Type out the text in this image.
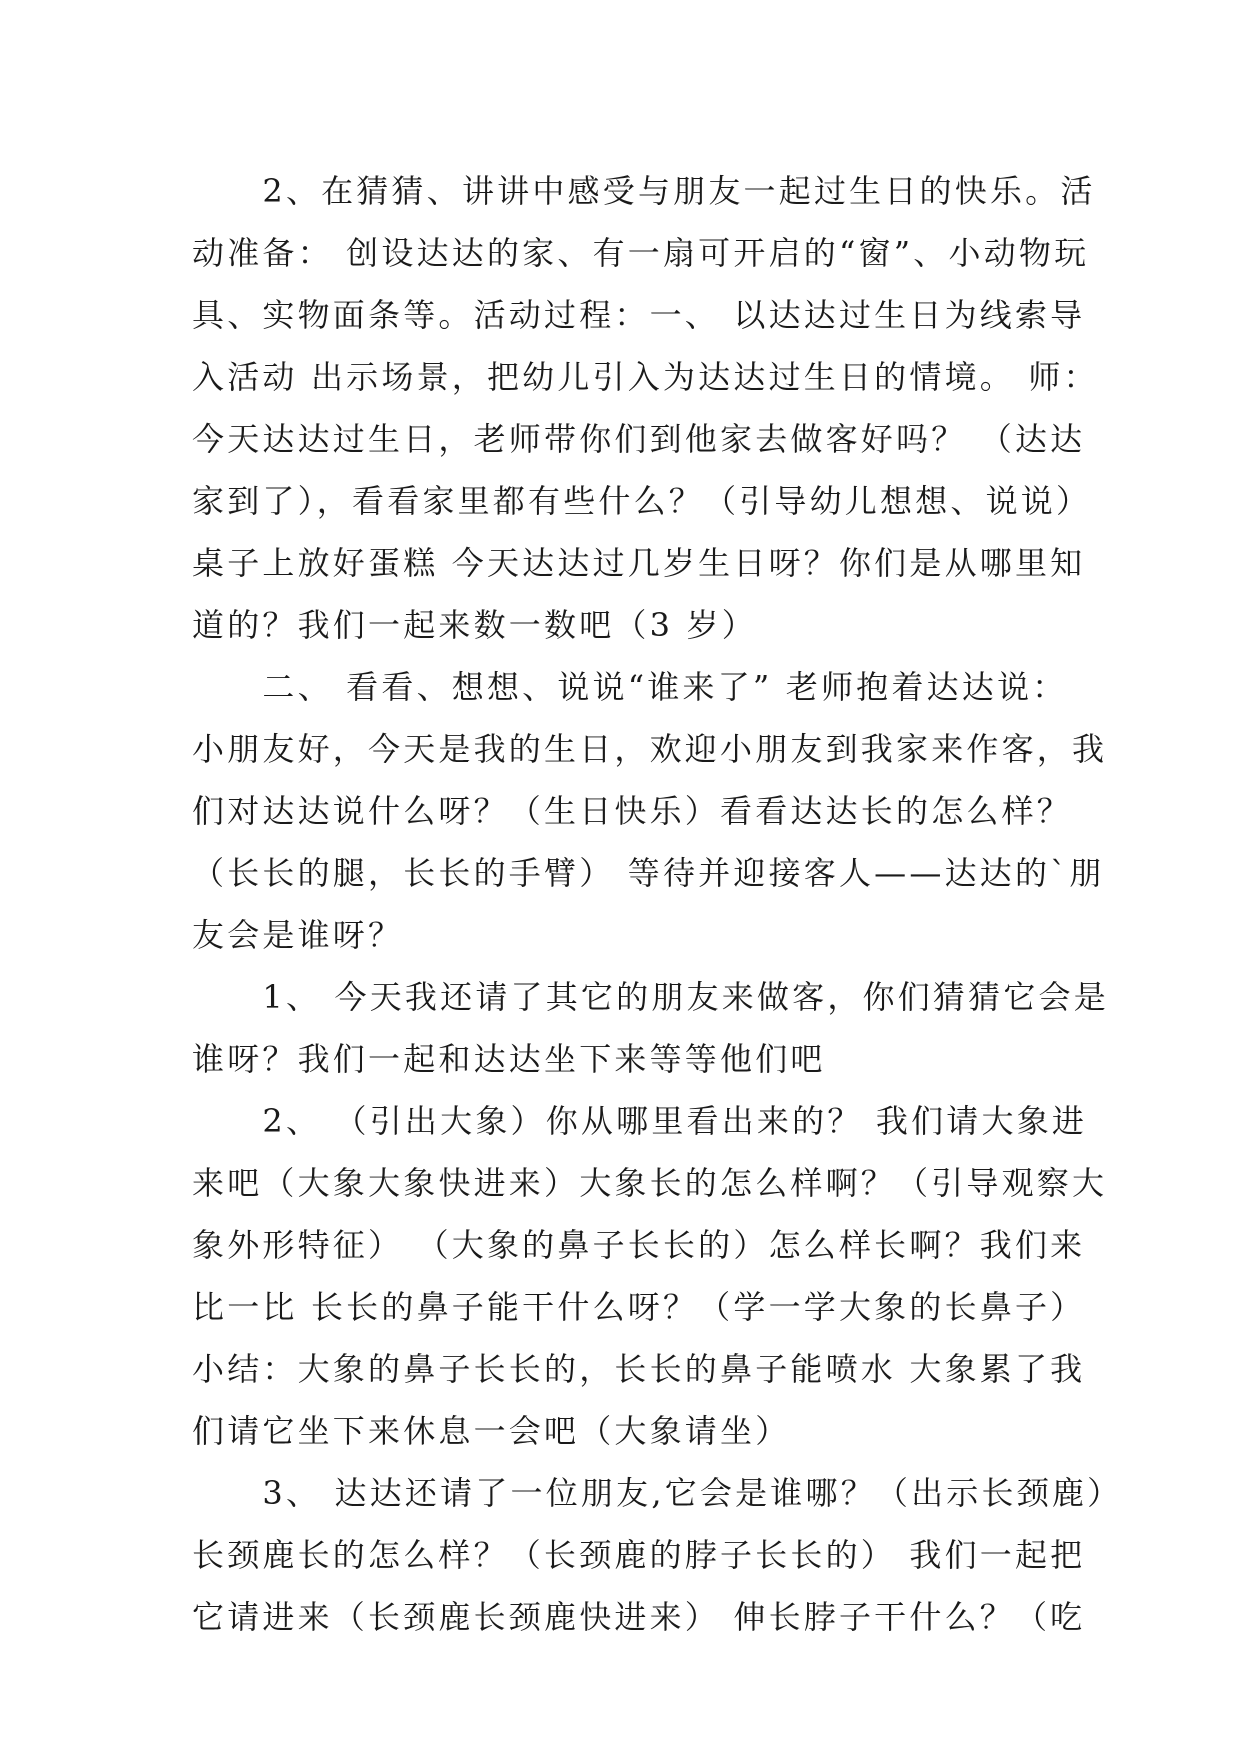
　　2、在猜猜、讲讲中感受与朋友一起过生日的快乐。活
动准备： 创设达达的家、有一扇可开启的“窗”、小动物玩
具、实物面条等。活动过程：一、 以达达过生日为线索导
入活动 出示场景，把幼儿引入为达达过生日的情境。 师：
今天达达过生日，老师带你们到他家去做客好吗？ （达达
家到了），看看家里都有些什么？（引导幼儿想想、说说）
桌子上放好蛋糕 今天达达过几岁生日呀？你们是从哪里知
道的？我们一起来数一数吧（3 岁）
　　二、 看看、想想、说说“谁来了” 老师抱着达达说：
小朋友好，今天是我的生日，欢迎小朋友到我家来作客，我
们对达达说什么呀？（生日快乐）看看达达长的怎么样？
（长长的腿，长长的手臂） 等待并迎接客人——达达的`朋
友会是谁呀？
　　1、 今天我还请了其它的朋友来做客，你们猜猜它会是
谁呀？我们一起和达达坐下来等等他们吧
　　2、 （引出大象）你从哪里看出来的？ 我们请大象进
来吧（大象大象快进来）大象长的怎么样啊？（引导观察大
象外形特征） （大象的鼻子长长的）怎么样长啊？我们来
比一比 长长的鼻子能干什么呀？（学一学大象的长鼻子）
小结：大象的鼻子长长的，长长的鼻子能喷水 大象累了我
们请它坐下来休息一会吧（大象请坐）
　　3、 达达还请了一位朋友,它会是谁哪？（出示长颈鹿）
长颈鹿长的怎么样？（长颈鹿的脖子长长的） 我们一起把
它请进来（长颈鹿长颈鹿快进来） 伸长脖子干什么？（吃
